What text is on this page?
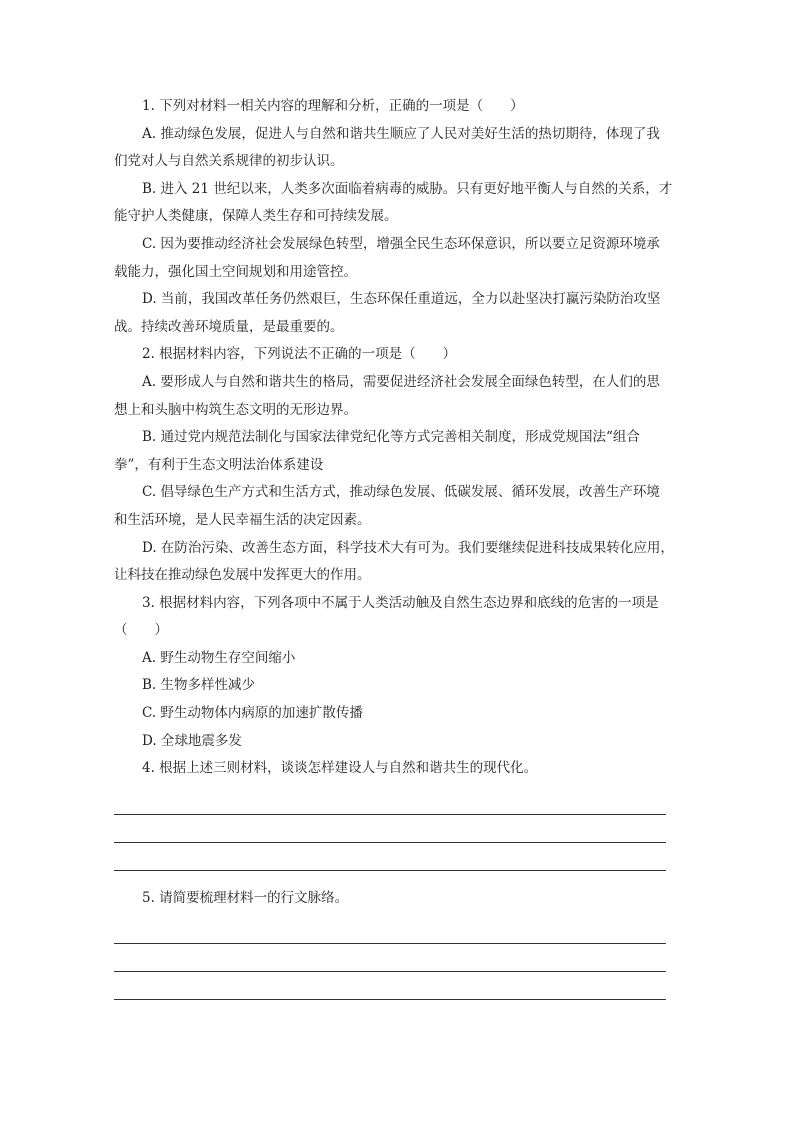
1. 下列对材料一相关内容的理解和分析，正确的一项是（　　）
A. 推动绿色发展，促进人与自然和谐共生顺应了人民对美好生活的热切期待，体现了我
们党对人与自然关系规律的初步认识。
B. 进入 21 世纪以来，人类多次面临着病毒的威胁。只有更好地平衡人与自然的关系，才
能守护人类健康，保障人类生存和可持续发展。
C. 因为要推动经济社会发展绿色转型，增强全民生态环保意识，所以要立足资源环境承
载能力，强化国土空间规划和用途管控。
D. 当前，我国改革任务仍然艰巨，生态环保任重道远，全力以赴坚决打赢污染防治攻坚
战。持续改善环境质量，是最重要的。
2. 根据材料内容，下列说法不正确的一项是（　　）
A. 要形成人与自然和谐共生的格局，需要促进经济社会发展全面绿色转型，在人们的思
想上和头脑中构筑生态文明的无形边界。
B. 通过党内规范法制化与国家法律党纪化等方式完善相关制度，形成党规国法“组合
拳”，有利于生态文明法治体系建设
C. 倡导绿色生产方式和生活方式，推动绿色发展、低碳发展、循环发展，改善生产环境
和生活环境，是人民幸福生活的决定因素。
D. 在防治污染、改善生态方面，科学技术大有可为。我们要继续促进科技成果转化应用，
让科技在推动绿色发展中发挥更大的作用。
3. 根据材料内容，下列各项中不属于人类活动触及自然生态边界和底线的危害的一项是
（　　）
A. 野生动物生存空间缩小
B. 生物多样性减少
C. 野生动物体内病原的加速扩散传播
D. 全球地震多发
4. 根据上述三则材料，谈谈怎样建设人与自然和谐共生的现代化。
5. 请简要梳理材料一的行文脉络。
